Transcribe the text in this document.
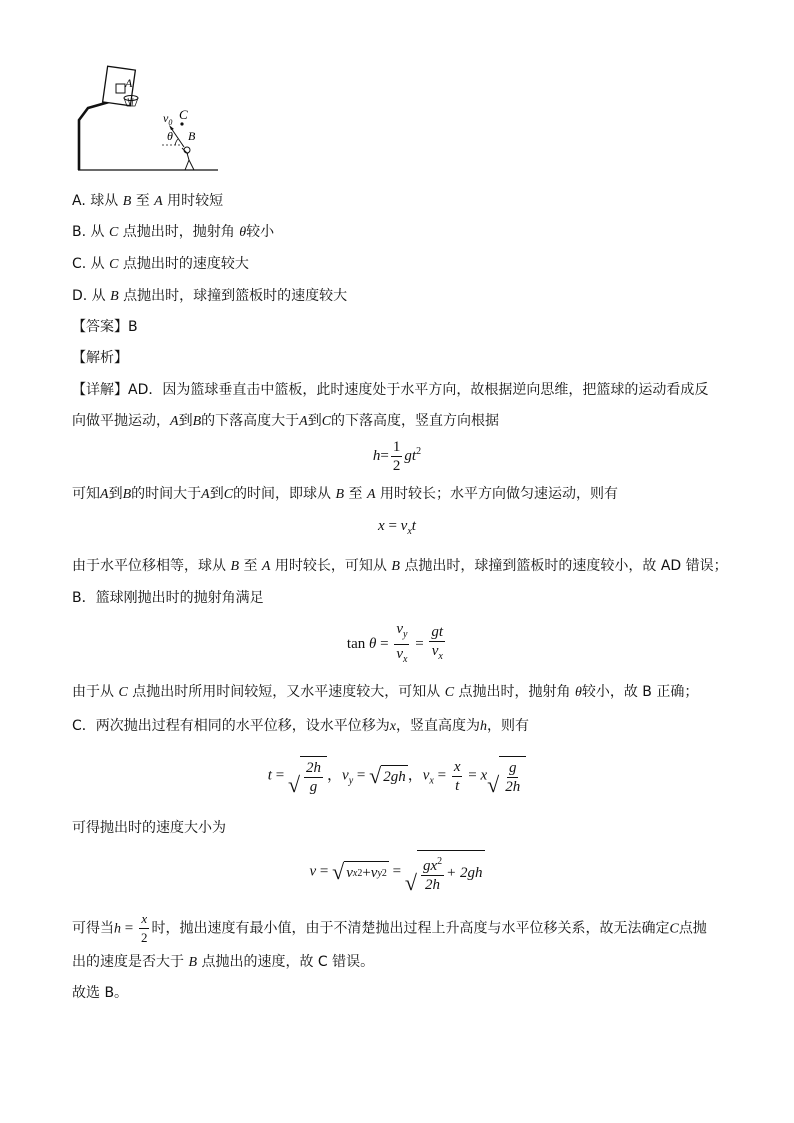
A
C
B
$v_0$
θ
A. 球从 B 至 A 用时较短
B. 从 C 点抛出时，抛射角 θ较小
C. 从 C 点抛出时的速度较大
D. 从 B 点抛出时，球撞到篮板时的速度较大
【答案】B
【解析】
【详解】AD．因为篮球垂直击中篮板，此时速度处于水平方向，故根据逆向思维，把篮球的运动看成反
向做平抛运动，A到B的下落高度大于A到C的下落高度，竖直方向根据
$h= \frac{1}{2} gt^2$
可知A到B的时间大于A到C的时间，即球从 B 至 A 用时较长；水平方向做匀速运动，则有
$x = v_xt$
由于水平位移相等，球从 B 至 A 用时较长，可知从 B 点抛出时，球撞到篮板时的速度较小，故 AD 错误；
B．篮球刚抛出时的抛射角满足
$\tan \theta = \frac{v_y}{v_x} = \frac{gt}{v_x}$
由于从 C 点抛出时所用时间较短，又水平速度较大，可知从 C 点抛出时，抛射角 θ较小，故 B 正确；
C．两次抛出过程有相同的水平位移，设水平位移为x，竖直高度为h，则有
t = √ $\frac{2h}{g}$ ，$v_y$ = √ 2gh ，$v_x = \frac{x}{t} = x$ √ $\frac{g}{2h}$
可得抛出时的速度大小为
v = √ v x 2 + v y 2 = √ $\frac{gx^2}{2h} + 2gh$
可得当$h = \frac{x}{2}$ 时，抛出速度有最小值，由于不清楚抛出过程上升高度与水平位移关系，故无法确定C点抛
出的速度是否大于 B 点抛出的速度，故 C 错误。
故选 B。
